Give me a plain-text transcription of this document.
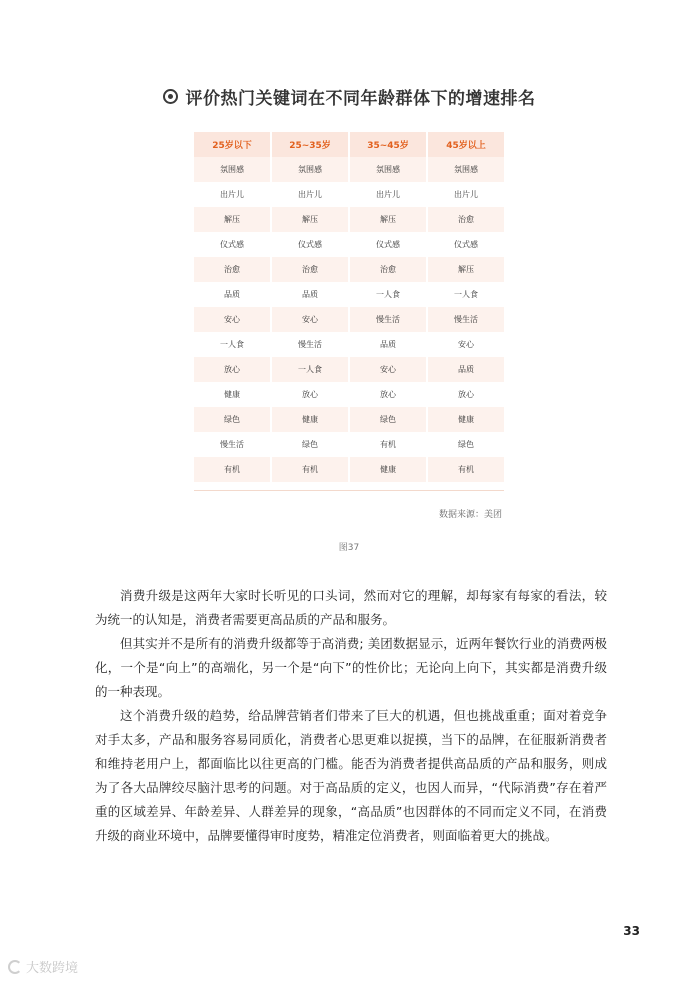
评价热门关键词在不同年龄群体下的增速排名
25岁以下
氛围感
出片儿
解压
仪式感
治愈
品质
安心
一人食
放心
健康
绿色
慢生活
有机
25~35岁
氛围感
出片儿
解压
仪式感
治愈
品质
安心
慢生活
一人食
放心
健康
绿色
有机
35~45岁
氛围感
出片儿
解压
仪式感
治愈
一人食
慢生活
品质
安心
放心
绿色
有机
健康
45岁以上
氛围感
出片儿
治愈
仪式感
解压
一人食
慢生活
安心
品质
放心
健康
绿色
有机
数据来源：美团
图37

消费升级是这两年大家时长听见的口头词，然而对它的理解，却每家有每家的看法，较为统一的认知是，消费者需要更高品质的产品和服务。

但其实并不是所有的消费升级都等于高消费; 美团数据显示，近两年餐饮行业的消费两极化，一个是“向上”的高端化，另一个是“向下”的性价比；无论向上向下，其实都是消费升级的一种表现。

这个消费升级的趋势，给品牌营销者们带来了巨大的机遇，但也挑战重重；面对着竞争对手太多，产品和服务容易同质化，消费者心思更难以捉摸，当下的品牌，在征服新消费者和维持老用户上，都面临比以往更高的门槛。能否为消费者提供高品质的产品和服务，则成为了各大品牌绞尽脑汁思考的问题。对于高品质的定义，也因人而异，“代际消费”存在着严重的区域差异、年龄差异、人群差异的现象，“高品质”也因群体的不同而定义不同，在消费升级的商业环境中，品牌要懂得审时度势，精准定位消费者，则面临着更大的挑战。

33
大数跨境
